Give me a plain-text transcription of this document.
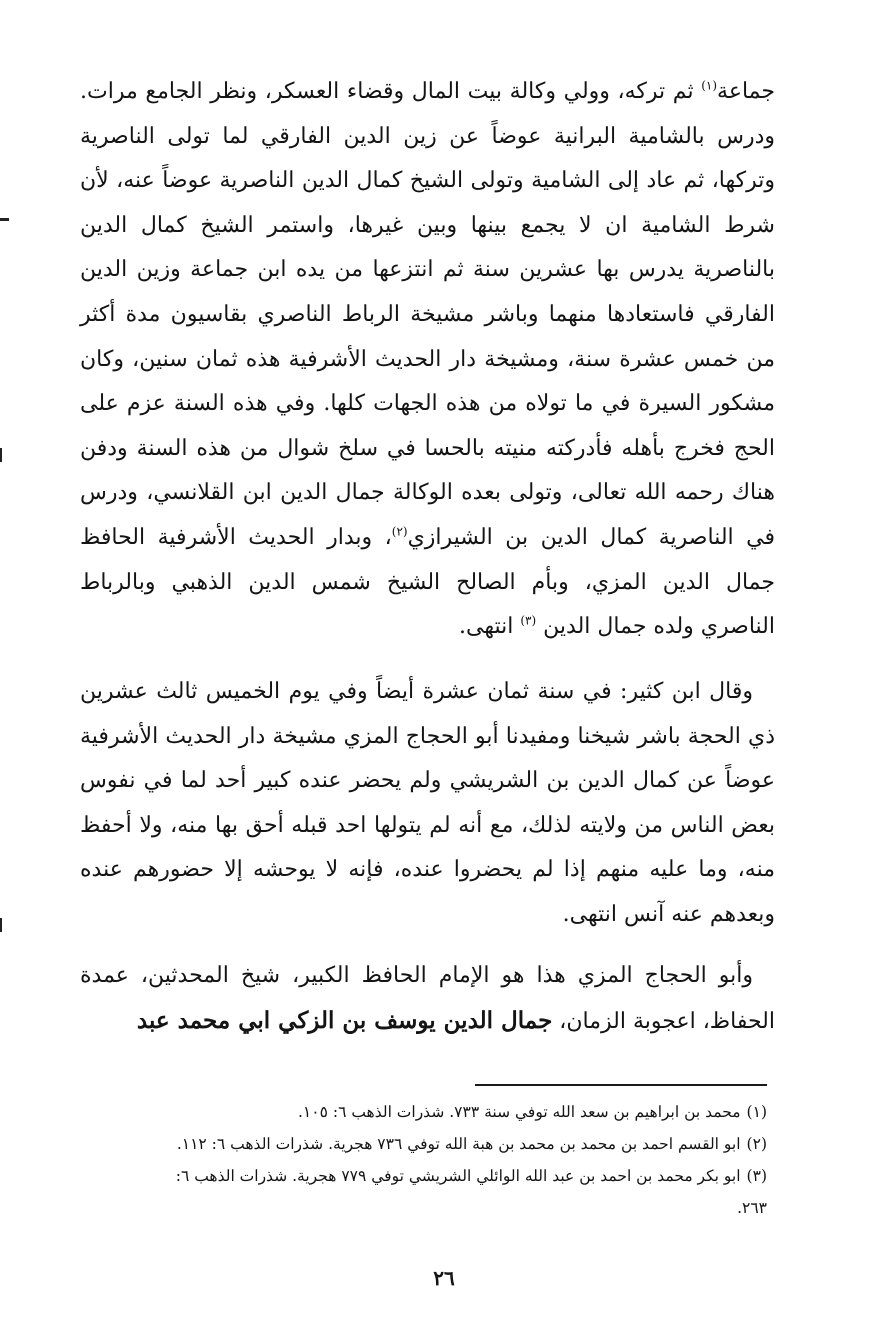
جماعة$^{(١)}$ ثم تركه، وولي وكالة بيت المال وقضاء العسكر، ونظر الجامع مرات. ودرس بالشامية البرانية عوضاً عن زين الدين الفارقي لما تولى الناصرية وتركها، ثم عاد إلى الشامية وتولى الشيخ كمال الدين الناصرية عوضاً عنه، لأن شرط الشامية ان لا يجمع بينها وبين غيرها، واستمر الشيخ كمال الدين بالناصرية يدرس بها عشرين سنة ثم انتزعها من يده ابن جماعة وزين الدين الفارقي فاستعادها منهما وباشر مشيخة الرباط الناصري بقاسيون مدة أكثر من خمس عشرة سنة، ومشيخة دار الحديث الأشرفية هذه ثمان سنين، وكان مشكور السيرة في ما تولاه من هذه الجهات كلها. وفي هذه السنة عزم على الحج فخرج بأهله فأدركته منيته بالحسا في سلخ شوال من هذه السنة ودفن هناك رحمه الله تعالى، وتولى بعده الوكالة جمال الدين ابن القلانسي، ودرس في الناصرية كمال الدين بن الشيرازي$^{(٢)}$، وبدار الحديث الأشرفية الحافظ جمال الدين المزي، وبأم الصالح الشيخ شمس الدين الذهبي وبالرباط الناصري ولده جمال الدين $^{(٣)}$ انتهى.

وقال ابن كثير: في سنة ثمان عشرة أيضاً وفي يوم الخميس ثالث عشرين ذي الحجة باشر شيخنا ومفيدنا أبو الحجاج المزي مشيخة دار الحديث الأشرفية عوضاً عن كمال الدين بن الشريشي ولم يحضر عنده كبير أحد لما في نفوس بعض الناس من ولايته لذلك، مع أنه لم يتولها احد قبله أحق بها منه، ولا أحفظ منه، وما عليه منهم إذا لم يحضروا عنده، فإنه لا يوحشه إلا حضورهم عنده وبعدهم عنه آنس انتهى.

وأبو الحجاج المزي هذا هو الإمام الحافظ الكبير، شيخ المحدثين، عمدة الحفاظ، اعجوبة الزمان، جمال الدين يوسف بن الزكي ابي محمد عبد

(١)محمد بن ابراهيم بن سعد الله توفي سنة ٧٣٣. شذرات الذهب ٦: ١٠٥.
(٢)ابو القسم احمد بن محمد بن محمد بن هبة الله توفي ٧٣٦ هجرية. شذرات الذهب ٦: ١١٢.
(٣)ابو بكر محمد بن احمد بن عبد الله الوائلي الشريشي توفي ٧٧٩ هجرية. شذرات الذهب ٦:
٢٦٣.
٢٦
